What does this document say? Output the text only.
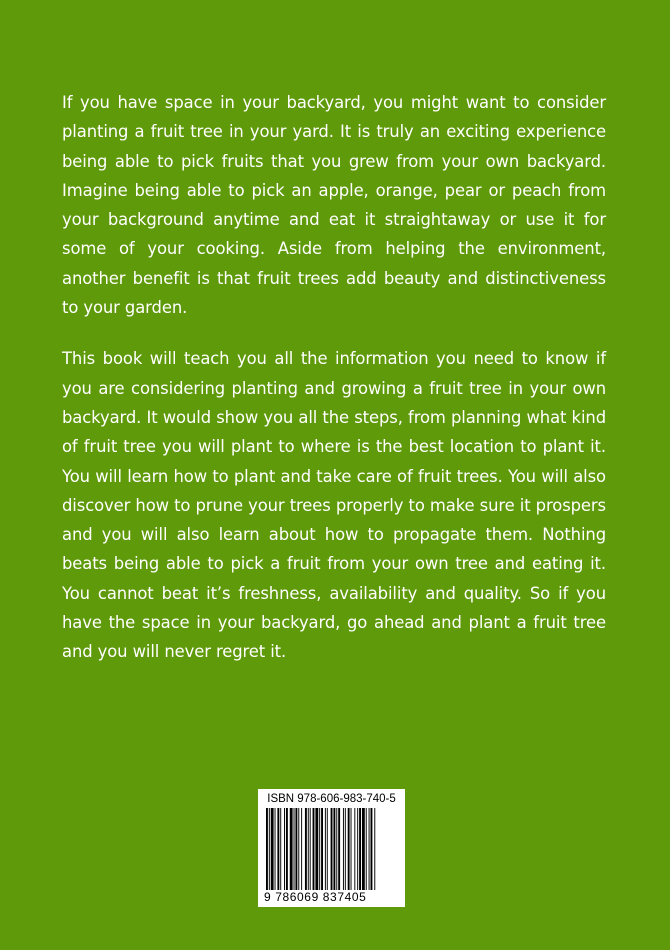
If you have space in your backyard, you might want to consider planting a fruit tree in your yard. It is truly an exciting experience being able to pick fruits that you grew from your own backyard. Imagine being able to pick an apple, orange, pear or peach from your background anytime and eat it straightaway or use it for some of your cooking. Aside from helping the environment, another benefit is that fruit trees add beauty and distinctiveness to your garden.

This book will teach you all the information you need to know if you are considering planting and growing a fruit tree in your own backyard. It would show you all the steps, from planning what kind of fruit tree you will plant to where is the best location to plant it. You will learn how to plant and take care of fruit trees. You will also discover how to prune your trees properly to make sure it prospers and you will also learn about how to propagate them. Nothing beats being able to pick a fruit from your own tree and eating it. You cannot beat it’s freshness, availability and quality. So if you have the space in your backyard, go ahead and plant a fruit tree and you will never regret it.

ISBN 978-606-983-740-5
9 786069 837405
